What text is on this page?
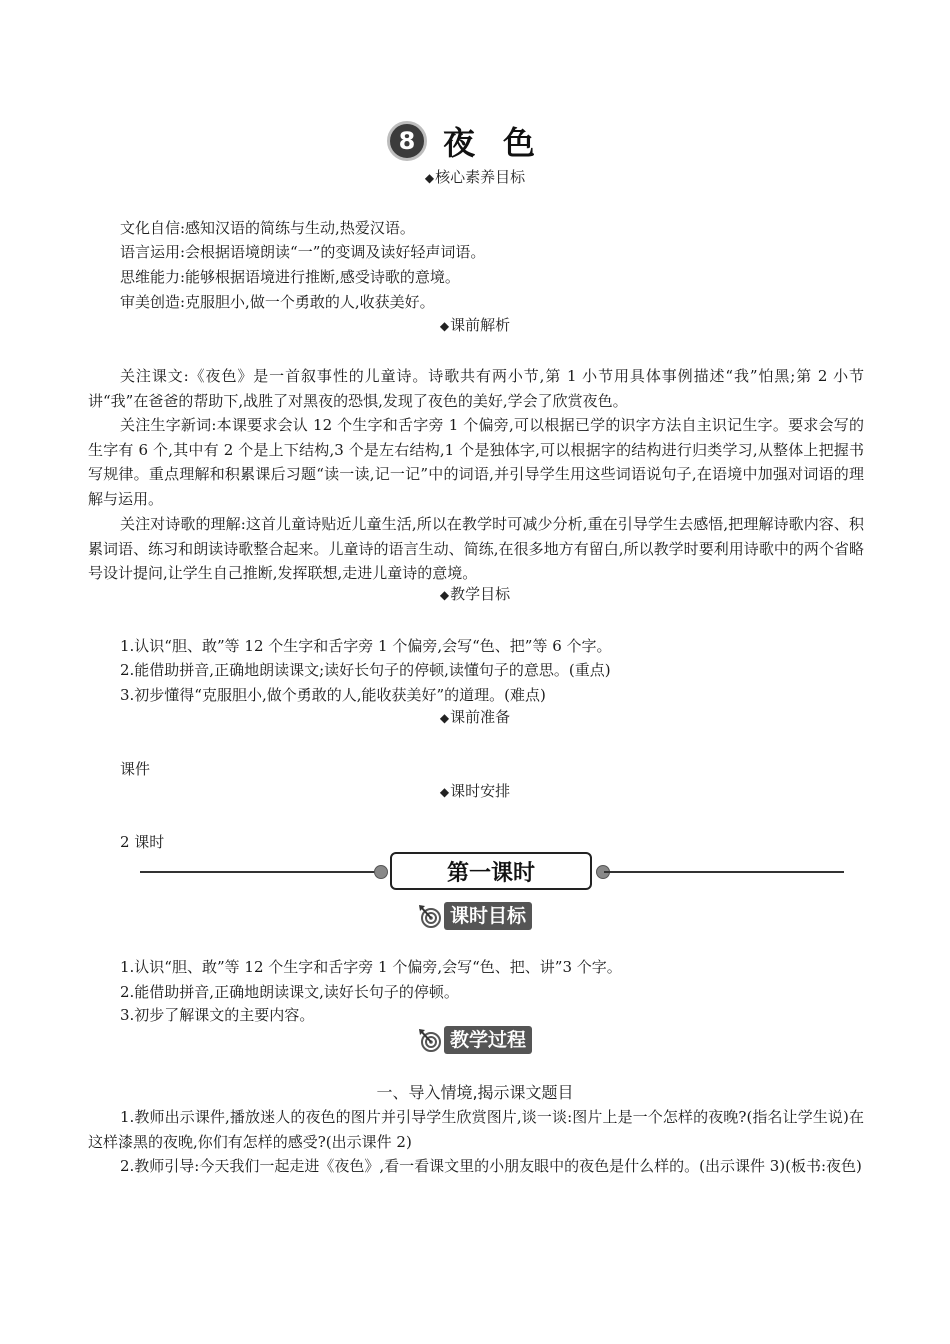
8 夜色
◆核心素养目标
文化自信:感知汉语的简练与生动,热爱汉语。
语言运用:会根据语境朗读“一”的变调及读好轻声词语。
思维能力:能够根据语境进行推断,感受诗歌的意境。
审美创造:克服胆小,做一个勇敢的人,收获美好。
◆课前解析
关注课文:《夜色》是一首叙事性的儿童诗。诗歌共有两小节,第 1 小节用具体事例描述“我”怕黑;第 2 小节讲“我”在爸爸的帮助下,战胜了对黑夜的恐惧,发现了夜色的美好,学会了欣赏夜色。
关注生字新词:本课要求会认 12 个生字和舌字旁 1 个偏旁,可以根据已学的识字方法自主识记生字。要求会写的生字有 6 个,其中有 2 个是上下结构,3 个是左右结构,1 个是独体字,可以根据字的结构进行归类学习,从整体上把握书写规律。重点理解和积累课后习题“读一读,记一记”中的词语,并引导学生用这些词语说句子,在语境中加强对词语的理解与运用。
关注对诗歌的理解:这首儿童诗贴近儿童生活,所以在教学时可减少分析,重在引导学生去感悟,把理解诗歌内容、积累词语、练习和朗读诗歌整合起来。儿童诗的语言生动、简练,在很多地方有留白,所以教学时要利用诗歌中的两个省略号设计提问,让学生自己推断,发挥联想,走进儿童诗的意境。
◆教学目标
1.认识“胆、敢”等 12 个生字和舌字旁 1 个偏旁,会写“色、把”等 6 个字。
2.能借助拼音,正确地朗读课文;读好长句子的停顿,读懂句子的意思。(重点)
3.初步懂得“克服胆小,做个勇敢的人,能收获美好”的道理。(难点)
◆课前准备
课件
◆课时安排
2 课时
第一课时
课时目标
1.认识“胆、敢”等 12 个生字和舌字旁 1 个偏旁,会写“色、把、讲”3 个字。
2.能借助拼音,正确地朗读课文,读好长句子的停顿。
3.初步了解课文的主要内容。
教学过程
一、导入情境,揭示课文题目
1.教师出示课件,播放迷人的夜色的图片并引导学生欣赏图片,谈一谈:图片上是一个怎样的夜晚?(指名让学生说)在这样漆黑的夜晚,你们有怎样的感受?(出示课件 2)
2.教师引导:今天我们一起走进《夜色》,看一看课文里的小朋友眼中的夜色是什么样的。(出示课件 3)(板书:夜色)
